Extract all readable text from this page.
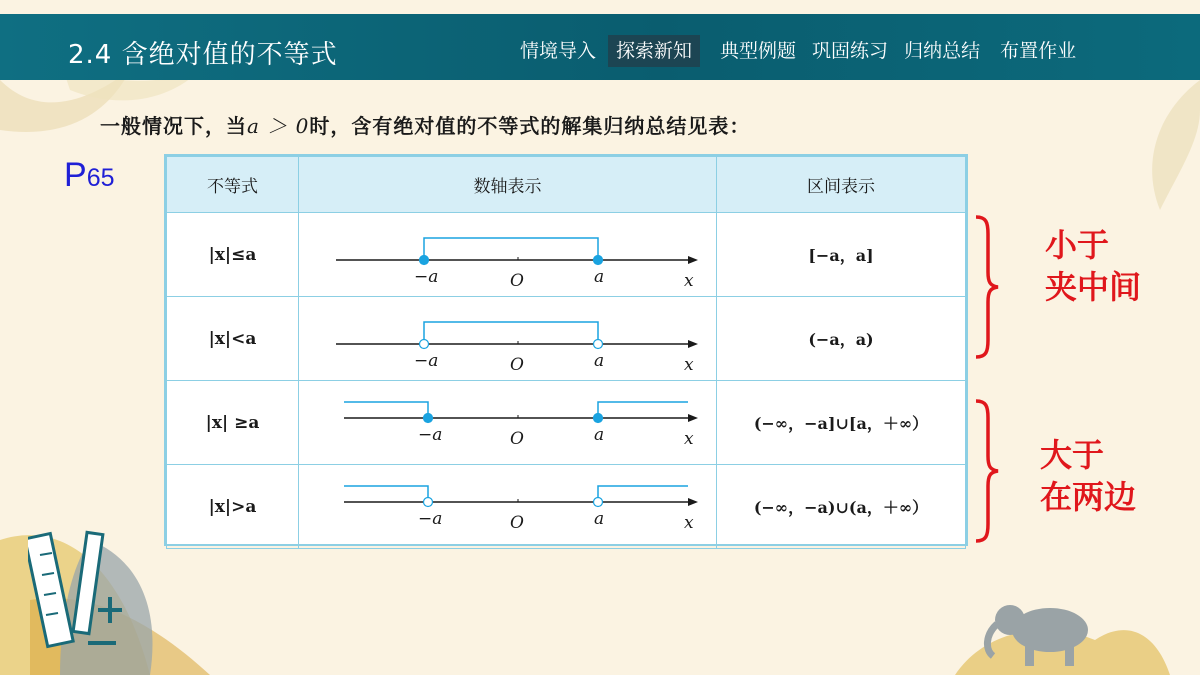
2.4 含绝对值的不等式	情境导入	探索新知	典型例题 巩固练习 归纳总结	布置作业
一般情况下，当a ＞ 0时，含有绝对值的不等式的解集归纳总结见表：
P65	不等式	数轴表示	区间表示
|x|≤a	−a O a x	[−a，a]
|x|<a	−a O a x	(−a，a)
|x| ≥a	−a O a x	(−∞，−a]∪[a，＋∞）
|x|>a	−a O a x	(−∞，−a)∪(a，＋∞）
小于
夹中间
大于
在两边
